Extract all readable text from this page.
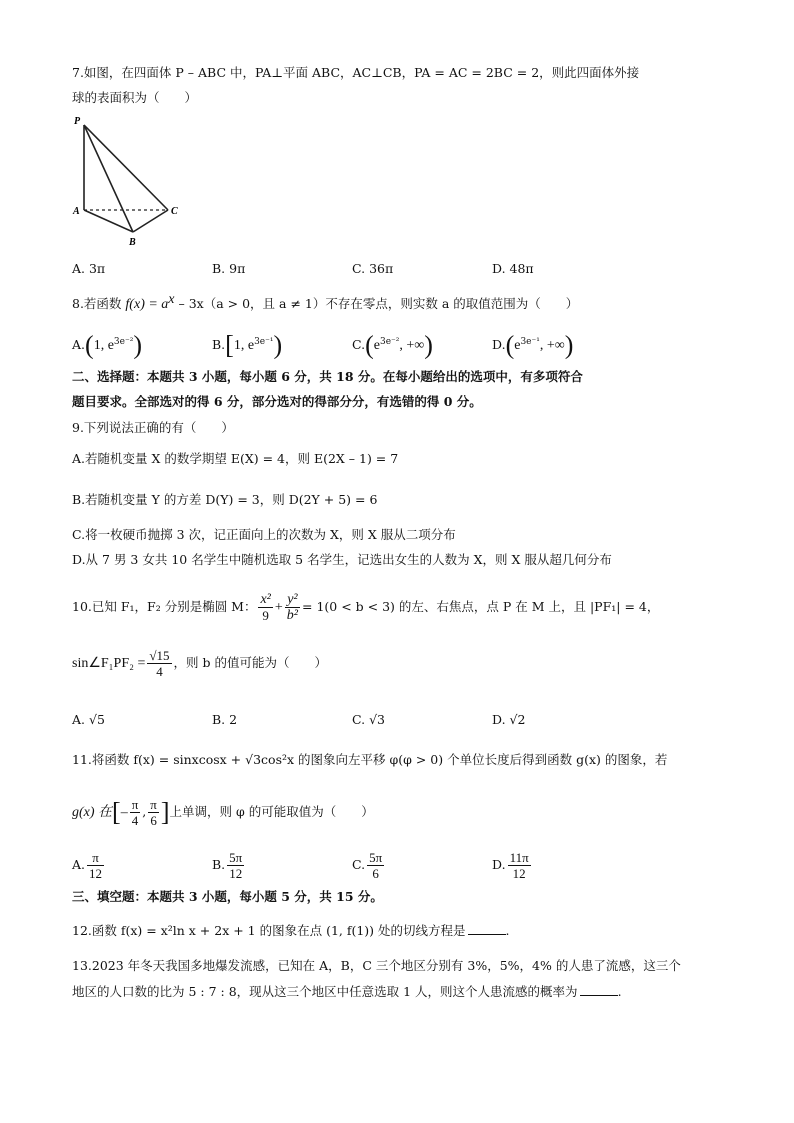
7.如图，在四面体 P – ABC 中，PA⊥平面 ABC，AC⊥CB，PA = AC = 2BC = 2，则此四面体外接
球的表面积为（　　）
P
A	C
B
A. 3π	B. 9π	C. 36π	D. 48π
8.若函数 $f(x) = a^x - 3x(a > 0$，且 a ≠ 1）不存在零点，则实数 a 的取值范围为（　　）
A.(1, $e^{3e^{-2}}$)	B.[1, $e^{3e^{-1}}$)	$C.(e^{3e^{-2}}$, +∞)	$D.(e^{3e^{-1}}$, +∞)
二、选择题：本题共 3 小题，每小题 6 分，共 18 分。在每小题给出的选项中，有多项符合
题目要求。全部选对的得 6 分，部分选对的得部分分，有选错的得 0 分。
9.下列说法正确的有（　　）
A.若随机变量 X 的数学期望 E(X) = 4，则 E(2X – 1) = 7
B.若随机变量 Y 的方差 D(Y) = 3，则 D(2Y + 5) = 6
C.将一枚硬币抛掷 3 次，记正面向上的次数为 X，则 X 服从二项分布
D.从 7 男 3 女共 10 名学生中随机选取 5 名学生，记选出女生的人数为 X，则 X 服从超几何分布
10.已知 F₁，F₂ 分别是椭圆 M： $\frac{\text{x²}}{9} + \frac{\text{y²}}{\text{b²}} = 1(0 < b < 3)$ 的左、右焦点，点 P 在 M 上，且 |PF₁| = 4，
sin∠F₁PF₂ = $\frac{√15}{4}$ ，则 b 的值可能为（　　）
A. √5	B. 2	C. √3	D. √2
11.将函数 f(x) = sinxcosx + √3cos²x 的图象向左平移 φ(φ > 0) 个单位长度后得到函数 g(x) 的图象，若
g(x) 在[– $\frac{\pi}{4}$ , $\frac{\pi}{6}$ ]上单调，则 φ 的可能取值为（　　）
A. $\frac{\pi}{12}$	B. $\frac{5\pi}{12}$	C. $\frac{5\pi}{6}$	D. $\frac{11\pi}{12}$
三、填空题：本题共 3 小题，每小题 5 分，共 15 分。
12.函数 f(x) = x²ln x + 2x + 1 的图象在点 (1, f(1)) 处的切线方程是	.
13.2023 年冬天我国多地爆发流感，已知在 A，B，C 三个地区分别有 3%，5%，4% 的人患了流感，这三个
地区的人口数的比为 5 : 7 : 8，现从这三个地区中任意选取 1 人，则这个人患流感的概率为	.
